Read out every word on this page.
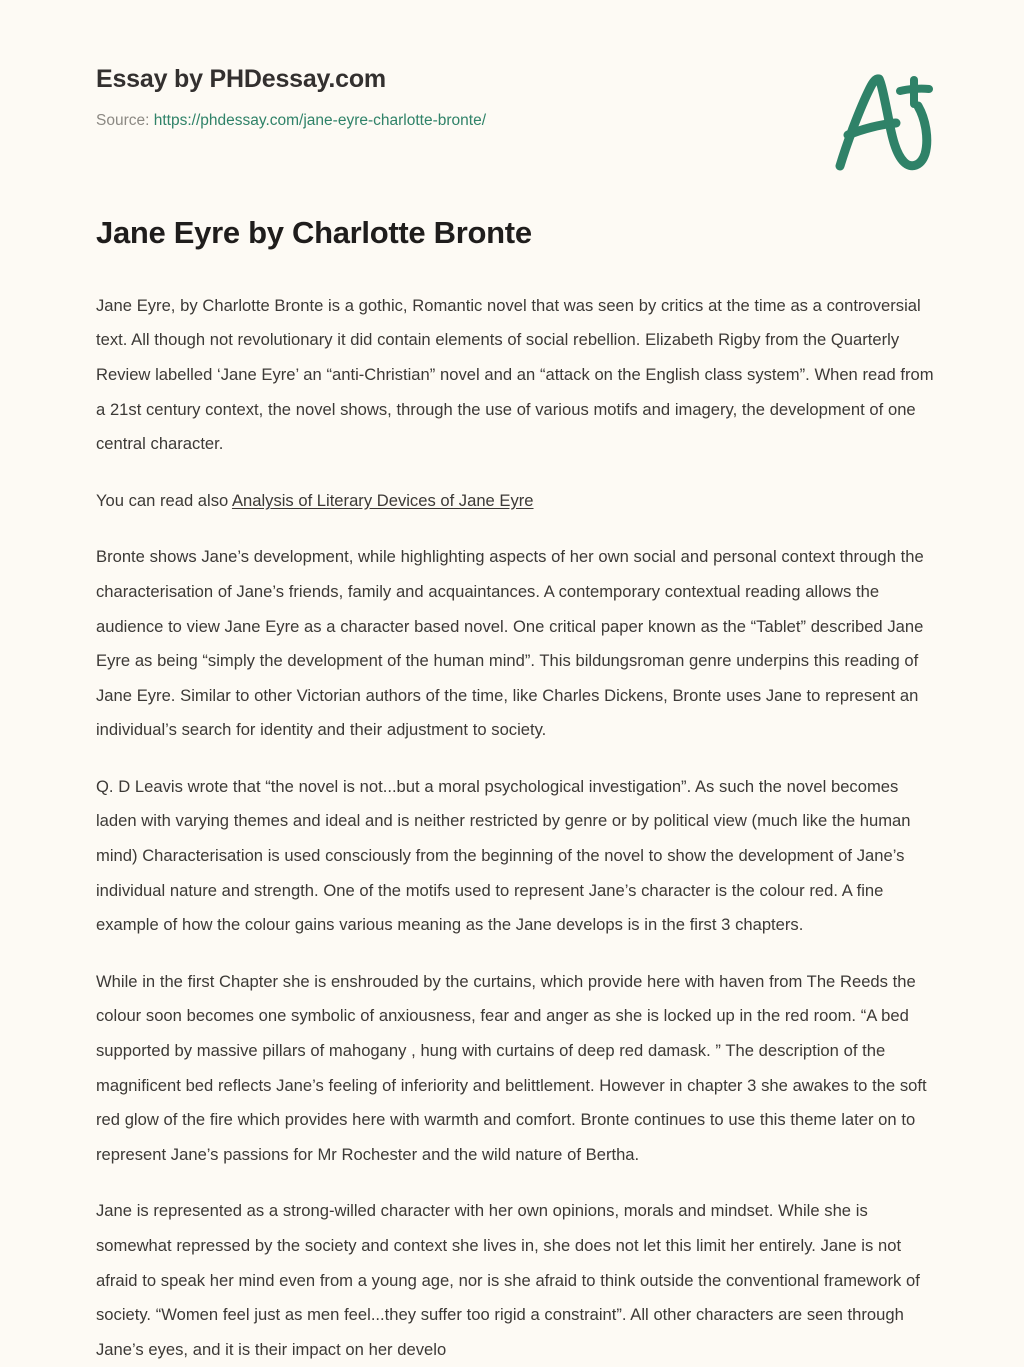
Essay by PHDessay.com
Source: https://phdessay.com/jane-eyre-charlotte-bronte/
Jane Eyre by Charlotte Bronte

Jane Eyre, by Charlotte Bronte is a gothic, Romantic novel that was seen by critics at the time as a controversial text. All though not revolutionary it did contain elements of social rebellion. Elizabeth Rigby from the Quarterly Review labelled ‘Jane Eyre’ an “anti-Christian” novel and an “attack on the English class system”. When read from a 21st century context, the novel shows, through the use of various motifs and imagery, the development of one central character.

You can read also Analysis of Literary Devices of Jane Eyre

Bronte shows Jane’s development, while highlighting aspects of her own social and personal context through the characterisation of Jane’s friends, family and acquaintances. A contemporary contextual reading allows the audience to view Jane Eyre as a character based novel. One critical paper known as the “Tablet” described Jane Eyre as being “simply the development of the human mind”. This bildungsroman genre underpins this reading of Jane Eyre. Similar to other Victorian authors of the time, like Charles Dickens, Bronte uses Jane to represent an individual’s search for identity and their adjustment to society.

Q. D Leavis wrote that “the novel is not...but a moral psychological investigation”. As such the novel becomes laden with varying themes and ideal and is neither restricted by genre or by political view (much like the human mind) Characterisation is used consciously from the beginning of the novel to show the development of Jane’s individual nature and strength. One of the motifs used to represent Jane’s character is the colour red. A fine example of how the colour gains various meaning as the Jane develops is in the first 3 chapters.

While in the first Chapter she is enshrouded by the curtains, which provide here with haven from The Reeds the colour soon becomes one symbolic of anxiousness, fear and anger as she is locked up in the red room. “A bed supported by massive pillars of mahogany , hung with curtains of deep red damask. ” The description of the magnificent bed reflects Jane’s feeling of inferiority and belittlement. However in chapter 3 she awakes to the soft red glow of the fire which provides here with warmth and comfort. Bronte continues to use this theme later on to represent Jane’s passions for Mr Rochester and the wild nature of Bertha.

Jane is represented as a strong-willed character with her own opinions, morals and mindset. While she is somewhat repressed by the society and context she lives in, she does not let this limit her entirely. Jane is not afraid to speak her mind even from a young age, nor is she afraid to think outside the conventional framework of society. “Women feel just as men feel...they suffer too rigid a constraint”. All other characters are seen through Jane’s eyes, and it is their impact on her develo
